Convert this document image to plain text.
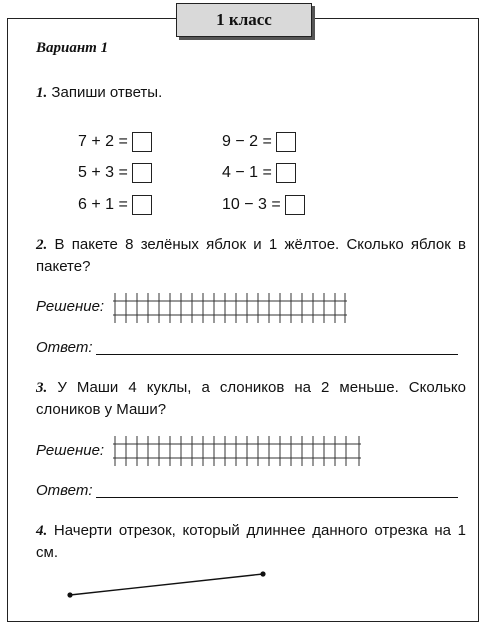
1 класс
Вариант 1
1. Запиши ответы.
7 + 2 =
5 + 3 =
6 + 1 =
9 − 2 =
4 − 1 =
10 − 3 =
2. В пакете 8 зелёных яблок и 1 жёлтое. Сколько яблок в пакете?
Решение:
Ответ:
3. У Маши 4 куклы, а слоников на 2 меньше. Сколько слоников у Маши?
Решение:
Ответ:
4. Начерти отрезок, который длиннее данного отрезка на 1 см.
